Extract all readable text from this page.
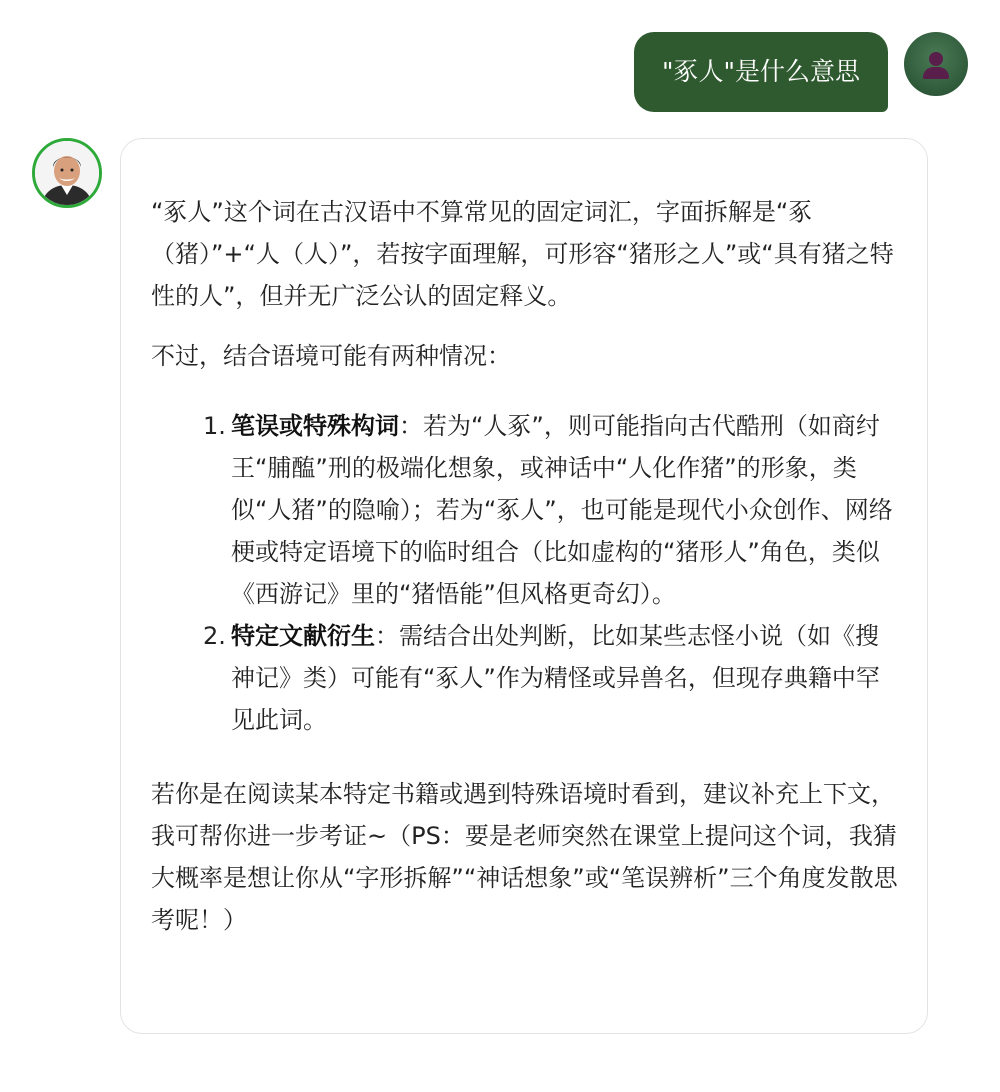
"豖人"是什么意思

“豖人”这个词在古汉语中不算常见的固定词汇，字面拆解是“豖（猪）”+“人（人）”，若按字面理解，可形容“猪形之人”或“具有猪之特性的人”，但并无广泛公认的固定释义。

不过，结合语境可能有两种情况：

1. 笔误或特殊构词：若为“人豖”，则可能指向古代酷刑（如商纣王“脯醢”刑的极端化想象，或神话中“人化作猪”的形象，类似“人猪”的隐喻）；若为“豖人”，也可能是现代小众创作、网络梗或特定语境下的临时组合（比如虚构的“猪形人”角色，类似《西游记》里的“猪悟能”但风格更奇幻）。
2. 特定文献衍生：需结合出处判断，比如某些志怪小说（如《搜神记》类）可能有“豖人”作为精怪或异兽名，但现存典籍中罕见此词。

若你是在阅读某本特定书籍或遇到特殊语境时看到，建议补充上下文，我可帮你进一步考证~（PS：要是老师突然在课堂上提问这个词，我猜大概率是想让你从“字形拆解”“神话想象”或“笔误辨析”三个角度发散思考呢！）
